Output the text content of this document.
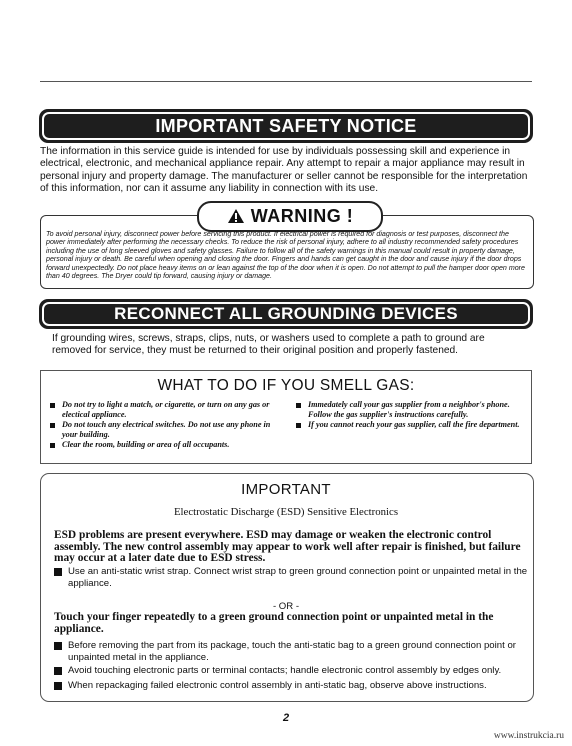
IMPORTANT SAFETY NOTICE
The information in this service guide is intended for use by individuals possessing skill and experience in electrical, electronic, and mechanical appliance repair. Any attempt to repair a major appliance may result in personal injury and property damage. The manufacturer or seller cannot be responsible for the interpretation of this information, nor can it assume any liability in connection with its use.
WARNING !
To avoid personal injury, disconnect power before servicing this product. If electrical power is required for diagnosis or test purposes, disconnect the power immediately after performing the necessary checks. To reduce the risk of personal injury, adhere to all industry recommended safety procedures including the use of long sleeved gloves and safety glasses. Failure to follow all of the safety warnings in this manual could result in property damage, personal injury or death. Be careful when opening and closing the door. Fingers and hands can get caught in the door and cause injury if the door drops forward unexpectedly. Do not place heavy items on or lean against the top of the door when it is open. Do not attempt to pull the hamper door open more than 40 degrees. The Dryer could tip forward, causing injury or damage.
RECONNECT ALL GROUNDING DEVICES
If grounding wires, screws, straps, clips, nuts, or washers used to complete a path to ground are removed for service, they must be returned to their original position and properly fastened.
WHAT TO DO IF YOU SMELL GAS:
Do not try to light a match, or cigarette, or turn on any gas or electical appliance.
Do not touch any electrical switches. Do not use any phone in your building.
Clear the room, building or area of all occupants.
Immedately call your gas supplier from a neighbor's phone. Follow the gas supplier's instructions carefully.
If you cannot reach your gas supplier, call the fire department.
IMPORTANT
Electrostatic Discharge (ESD) Sensitive Electronics
ESD problems are present everywhere. ESD may damage or weaken the electronic control assembly. The new control assembly may appear to work well after repair is finished, but failure may occur at a later date due to ESD stress.
Use an anti-static wrist strap. Connect wrist strap to green ground connection point or unpainted metal in the appliance.
- OR -
Touch your finger repeatedly to a green ground connection point or unpainted metal in the appliance.
Before removing the part from its package, touch the anti-static bag to a green ground connection point or unpainted metal in the appliance.
Avoid touching electronic parts or terminal contacts; handle electronic control assembly by edges only.
When repackaging failed electronic control assembly in anti-static bag, observe above instructions.
2
www.instrukcia.ru
